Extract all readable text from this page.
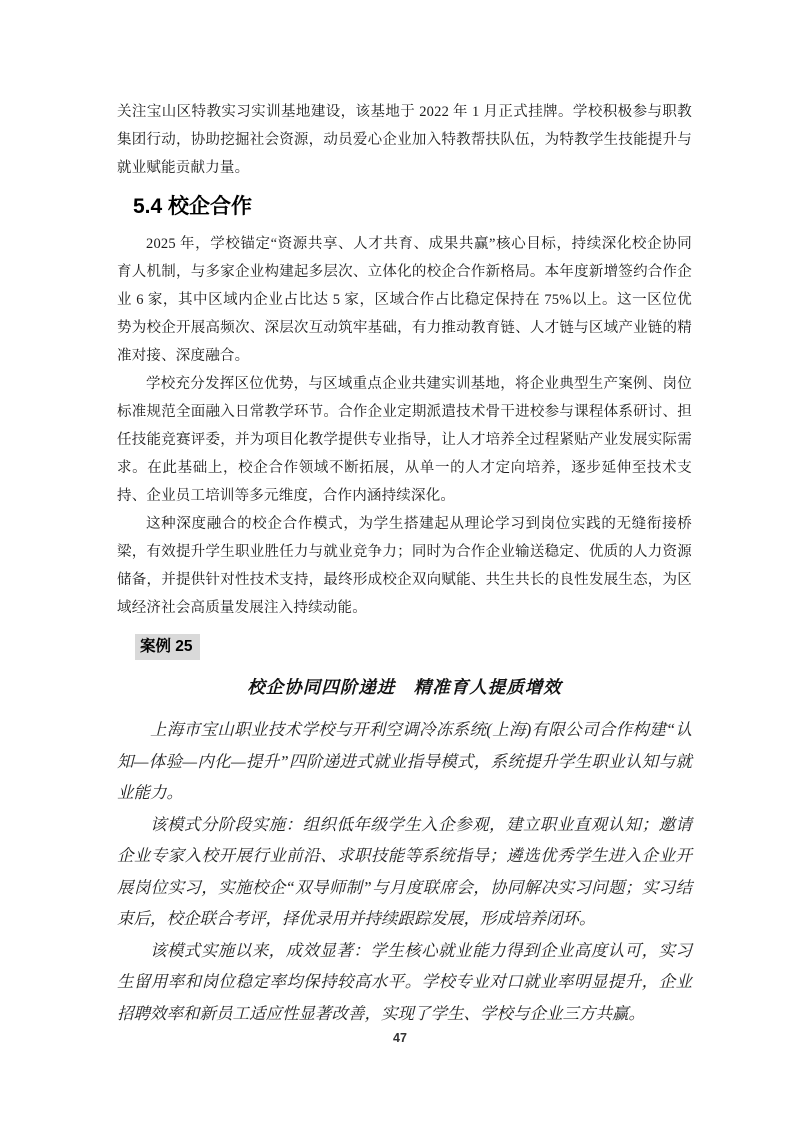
关注宝山区特教实习实训基地建设，该基地于 2022 年 1 月正式挂牌。学校积极参与职教集团行动，协助挖掘社会资源，动员爱心企业加入特教帮扶队伍，为特教学生技能提升与就业赋能贡献力量。

5.4 校企合作

2025 年，学校锚定“资源共享、人才共育、成果共赢”核心目标，持续深化校企协同育人机制，与多家企业构建起多层次、立体化的校企合作新格局。本年度新增签约合作企业 6 家，其中区域内企业占比达 5 家，区域合作占比稳定保持在 75%以上。这一区位优势为校企开展高频次、深层次互动筑牢基础，有力推动教育链、人才链与区域产业链的精准对接、深度融合。

学校充分发挥区位优势，与区域重点企业共建实训基地，将企业典型生产案例、岗位标准规范全面融入日常教学环节。合作企业定期派遣技术骨干进校参与课程体系研讨、担任技能竞赛评委，并为项目化教学提供专业指导，让人才培养全过程紧贴产业发展实际需求。在此基础上，校企合作领域不断拓展，从单一的人才定向培养，逐步延伸至技术支持、企业员工培训等多元维度，合作内涵持续深化。

这种深度融合的校企合作模式，为学生搭建起从理论学习到岗位实践的无缝衔接桥梁，有效提升学生职业胜任力与就业竞争力；同时为合作企业输送稳定、优质的人力资源储备，并提供针对性技术支持，最终形成校企双向赋能、共生共长的良性发展生态，为区域经济社会高质量发展注入持续动能。

案例 25
校企协同四阶递进　精准育人提质增效

上海市宝山职业技术学校与开利空调冷冻系统(上海)有限公司合作构建“认知—体验—内化—提升”四阶递进式就业指导模式，系统提升学生职业认知与就业能力。

该模式分阶段实施：组织低年级学生入企参观，建立职业直观认知；邀请企业专家入校开展行业前沿、求职技能等系统指导；遴选优秀学生进入企业开展岗位实习，实施校企“双导师制”与月度联席会，协同解决实习问题；实习结束后，校企联合考评，择优录用并持续跟踪发展，形成培养闭环。

该模式实施以来，成效显著：学生核心就业能力得到企业高度认可，实习生留用率和岗位稳定率均保持较高水平。学校专业对口就业率明显提升，企业招聘效率和新员工适应性显著改善，实现了学生、学校与企业三方共赢。

47
